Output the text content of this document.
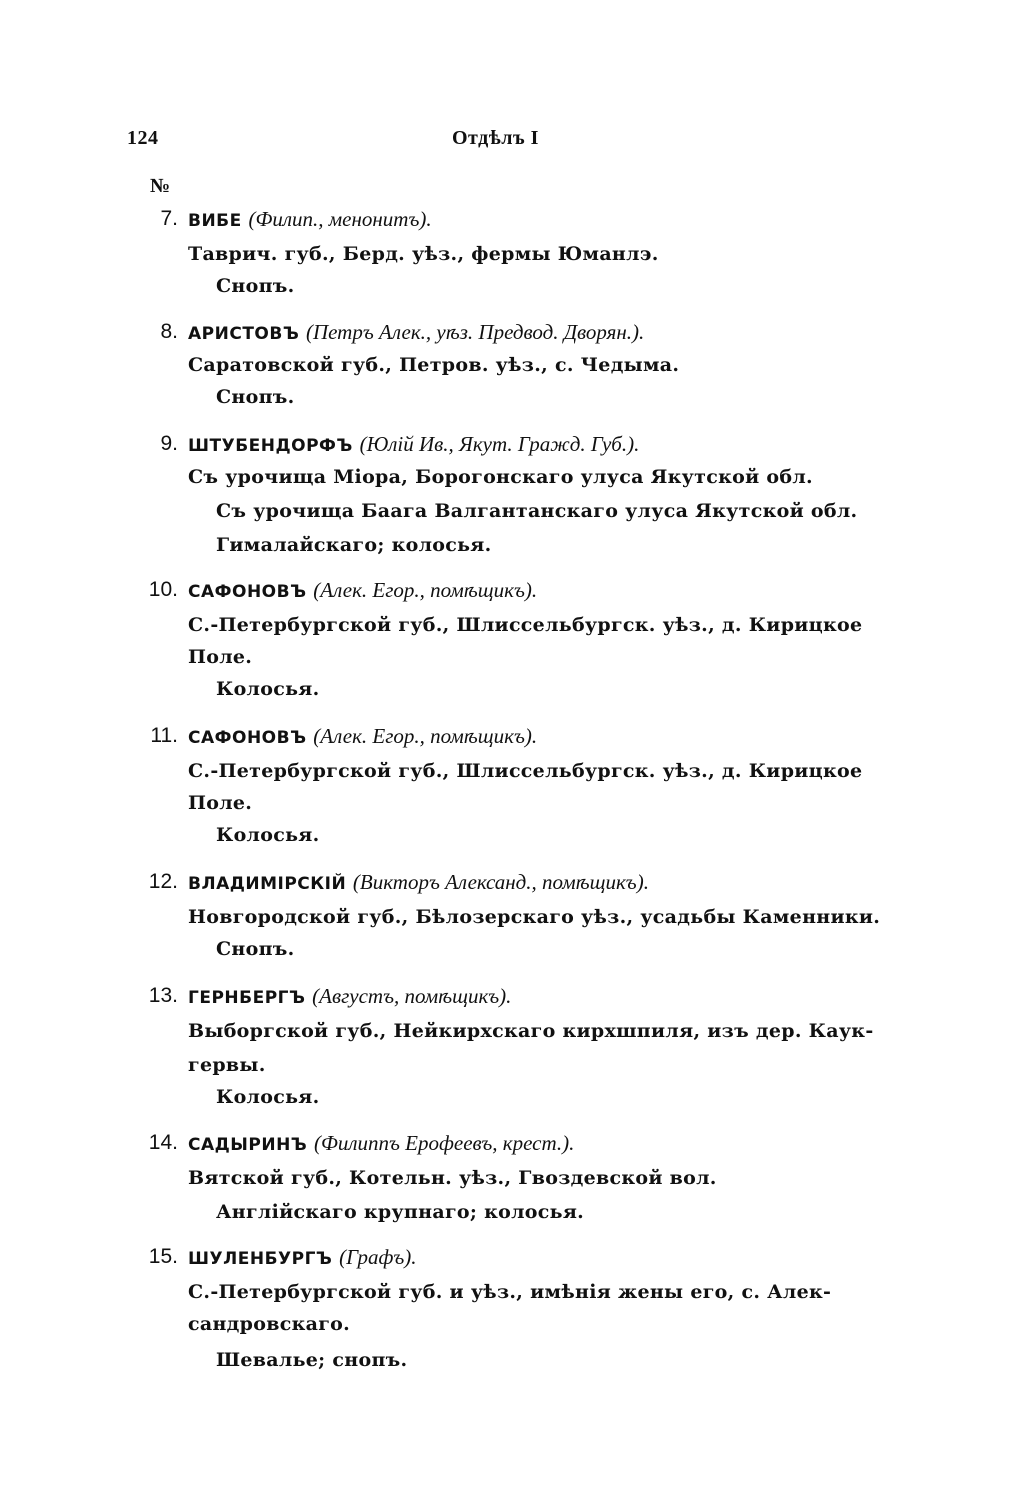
124	Отдѣлъ I
№
7. ВИБЕ (Филип., менонитъ).
Таврич. губ., Берд. уѣз., фермы Юманлэ.
Снопъ.
8. АРИСТОВЪ (Петръ Алек., уѣз. Предвод. Дворян.).
Саратовской губ., Петров. уѣз., с. Чедыма.
Снопъ.
9. ШТУБЕНДОРФЪ (Юлiй Ив., Якут. Гражд. Губ.).
Съ урочища Мiора, Борогонскаго улуса Якутской обл.
Съ урочища Баага Валгантанскаго улуса Якутской обл.
Гималайскаго; колосья.
10. САФОНОВЪ (Алек. Егор., помѣщикъ).
С.-Петербургской губ., Шлиссельбургск. уѣз., д. Кирицкое
Поле.
Колосья.
11. САФОНОВЪ (Алек. Егор., помѣщикъ).
С.-Петербургской губ., Шлиссельбургск. уѣз., д. Кирицкое
Поле.
Колосья.
12. ВЛАДИМIРСКIЙ (Викторъ Александ., помѣщикъ).
Новгородской губ., Бѣлозерскаго уѣз., усадьбы Каменники.
Снопъ.
13. ГЕРНБЕРГЪ (Августъ, помѣщикъ).
Выборгской губ., Нейкирхскаго кирхшпиля, изъ дер. Каук-
гервы.
Колосья.
14. САДЫРИНЪ (Филиппъ Ерофеевъ, крест.).
Вятской губ., Котельн. уѣз., Гвоздевской вол.
Англiйскаго крупнаго; колосья.
15. ШУЛЕНБУРГЪ (Графъ).
С.-Петербургской губ. и уѣз., имѣнiя жены его, с. Алек-
сандровскаго.
Шевалье; снопъ.
